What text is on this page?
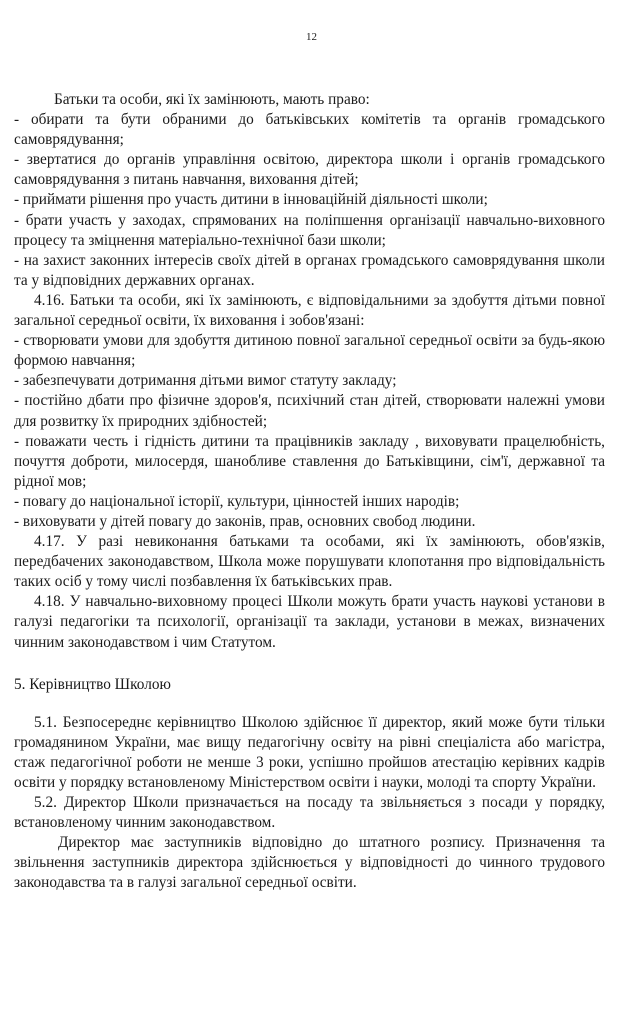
12

Батьки та особи, які їх замінюють, мають право:

- обирати та бути обраними до батьківських комітетів та органів громадського самоврядування;

- звертатися до органів управління освітою, директора школи і органів громадського самоврядування з питань навчання, виховання дітей;

- приймати рішення про участь дитини в інноваційній діяльності школи;

- брати участь у заходах, спрямованих на поліпшення організації навчально-виховного процесу та зміцнення матеріально-технічної бази школи;

- на захист законних інтересів своїх дітей в органах громадського самоврядування школи та у відповідних державних органах.

4.16. Батьки та особи, які їх замінюють, є відповідальними за здобуття дітьми повної загальної середньої освіти, їх виховання і зобов'язані:

- створювати умови для здобуття дитиною повної загальної середньої освіти за будь-якою формою навчання;

- забезпечувати дотримання дітьми вимог статуту закладу;

- постійно дбати про фізичне здоров'я, психічний стан дітей, створювати належні умови для розвитку їх природних здібностей;

- поважати честь і гідність дитини та працівників закладу , виховувати працелюбність, почуття доброти, милосердя, шанобливе ставлення до Батьківщини, сім'ї, державної та рідної мов;

- повагу до національної історії, культури, цінностей інших народів;

- виховувати у дітей повагу до законів, прав, основних свобод людини.

4.17. У разі невиконання батьками та особами, які їх замінюють, обов'язків, передбачених законодавством, Школа може порушувати клопотання про відповідальність таких осіб у тому числі позбавлення їх батьківських прав.

4.18. У навчально-виховному процесі Школи можуть брати участь наукові установи в галузі педагогіки та психології, організації та заклади, установи в межах, визначених чинним законодавством і чим Статутом.

5. Керівництво Школою

5.1. Безпосереднє керівництво Школою здійснює її директор, який може бути тільки громадянином України, має вищу педагогічну освіту на рівні спеціаліста або магістра, стаж педагогічної роботи не менше 3 роки, успішно пройшов атестацію керівних кадрів освіти у порядку встановленому Міністерством освіти і науки, молоді та спорту України.

5.2. Директор Школи призначається на посаду та звільняється з посади у порядку, встановленому чинним законодавством.

Директор має заступників відповідно до штатного розпису. Призначення та звільнення заступників директора здійснюється у відповідності до чинного трудового законодавства та в галузі загальної середньої освіти.
